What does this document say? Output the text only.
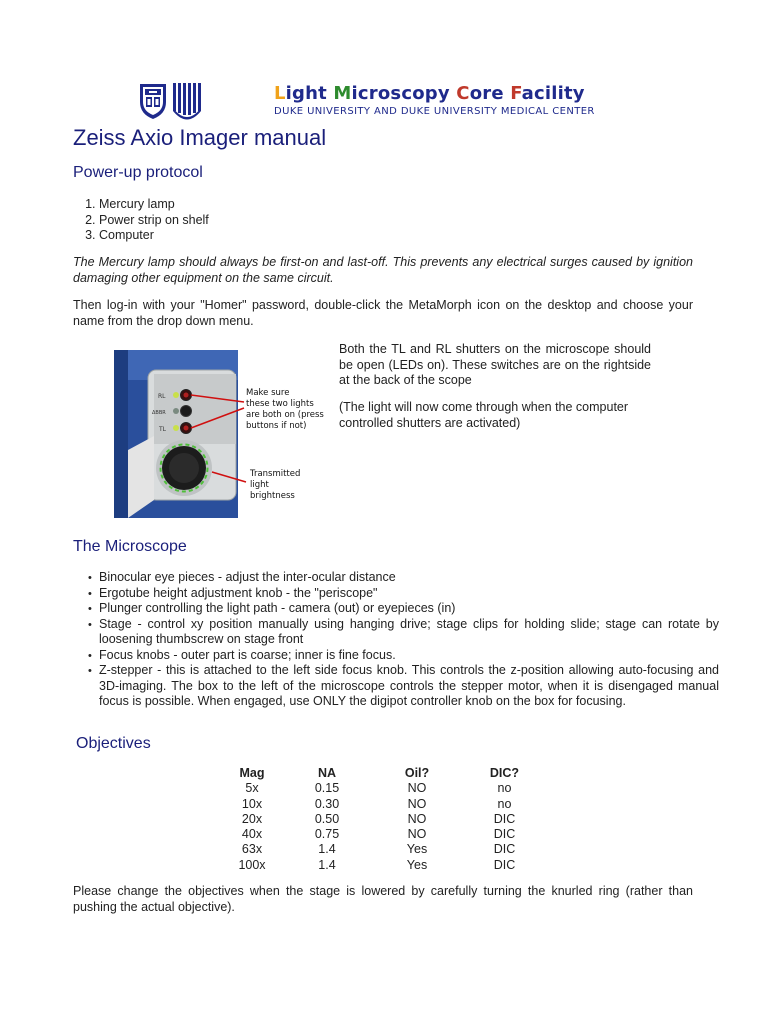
Light Microscopy Core Facility
DUKE UNIVERSITY AND DUKE UNIVERSITY MEDICAL CENTER
Zeiss Axio Imager manual
Power-up protocol
1. Mercury lamp
2. Power strip on shelf
3. Computer
The Mercury lamp should always be first-on and last-off. This prevents any electrical surges caused by ignition damaging other equipment on the same circuit.
Then log-in with your "Homer" password, double-click the MetaMorph icon on the desktop and choose your name from the drop down menu.
RL
ΔBBR
TL
Make sure these two lights are both on (press buttons if not)
Transmitted light brightness
Both the TL and RL shutters on the microscope should be open (LEDs on). These switches are on the rightside at the back of the scope
(The light will now come through when the computer controlled shutters are activated)
The Microscope
• Binocular eye pieces - adjust the inter-ocular distance
• Ergotube height adjustment knob - the "periscope"
• Plunger controlling the light path - camera (out) or eyepieces (in)
• Stage - control xy position manually using hanging drive; stage clips for holding slide; stage can rotate by loosening thumbscrew on stage front
• Focus knobs - outer part is coarse; inner is fine focus.
• Z-stepper - this is attached to the left side focus knob. This controls the z-position allowing auto-focusing and 3D-imaging. The box to the left of the microscope controls the stepper motor, when it is disengaged manual focus is possible. When engaged, use ONLY the digipot controller knob on the box for focusing.
Objectives
Mag	NA	Oil?	DIC?
5x	0.15	NO	no
10x	0.30	NO	no
20x	0.50	NO	DIC
40x	0.75	NO	DIC
63x	1.4	Yes	DIC
100x	1.4	Yes	DIC
Please change the objectives when the stage is lowered by carefully turning the knurled ring (rather than pushing the actual objective).
